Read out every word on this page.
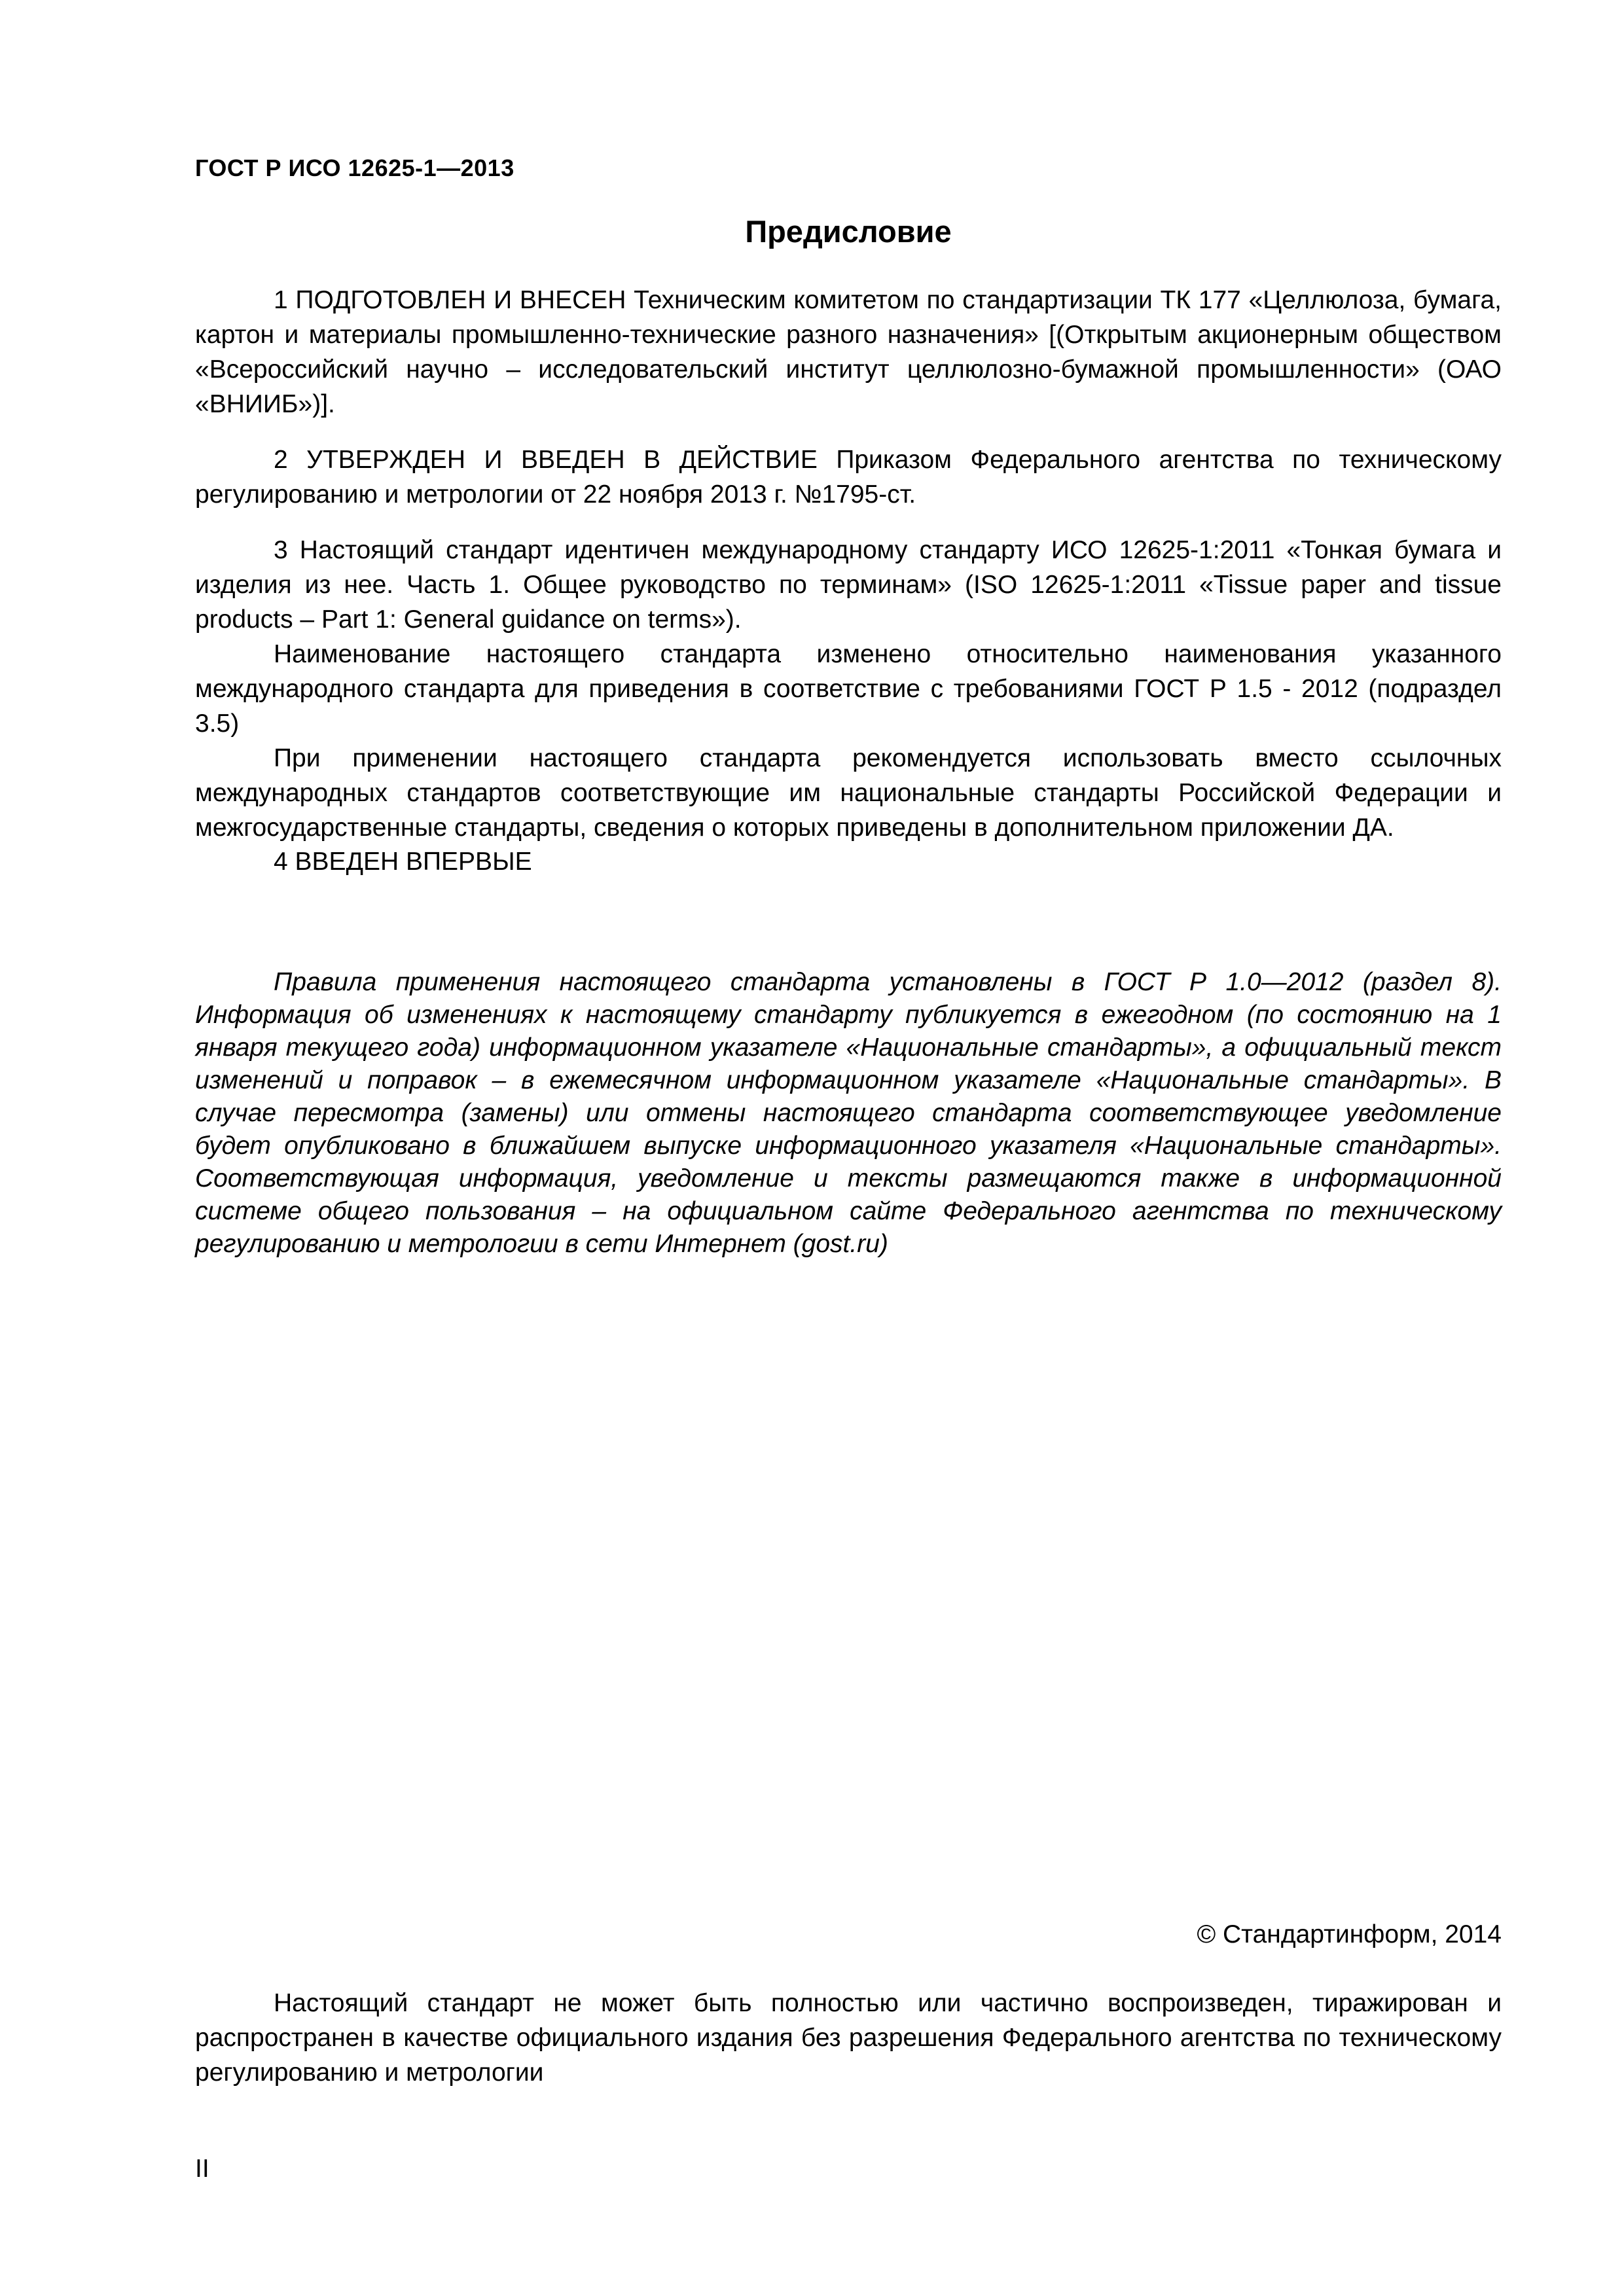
ГОСТ Р ИСО 12625-1—2013
Предисловие

1 ПОДГОТОВЛЕН И ВНЕСЕН Техническим комитетом по стандартизации ТК 177 «Целлюлоза, бумага, картон и материалы промышленно-технические разного назначения» [(Открытым акционерным обществом «Всероссийский научно – исследовательский институт целлюлозно-бумажной промышленности» (ОАО «ВНИИБ»)].

2 УТВЕРЖДЕН И ВВЕДЕН В ДЕЙСТВИЕ Приказом Федерального агентства по техническому регулированию и метрологии от 22 ноября 2013 г. №1795-ст.

3 Настоящий стандарт идентичен международному стандарту ИСО 12625-1:2011 «Тонкая бумага и изделия из нее. Часть 1. Общее руководство по терминам» (ISO 12625-1:2011 «Tissue paper and tissue products – Part 1: General guidance on terms»).

Наименование настоящего стандарта изменено относительно наименования указанного международного стандарта для приведения в соответствие с требованиями ГОСТ Р 1.5 - 2012 (подраздел 3.5)

При применении настоящего стандарта рекомендуется использовать вместо ссылочных международных стандартов соответствующие им национальные стандарты Российской Федерации и межгосударственные стандарты, сведения о которых приведены в дополнительном приложении ДА.

4 ВВЕДЕН ВПЕРВЫЕ

Правила применения настоящего стандарта установлены в ГОСТ Р 1.0—2012 (раздел 8). Информация об изменениях к настоящему стандарту публикуется в ежегодном (по состоянию на 1 января текущего года) информационном указателе «Национальные стандарты», а официальный текст изменений и поправок – в ежемесячном информационном указателе «Национальные стандарты». В случае пересмотра (замены) или отмены настоящего стандарта соответствующее уведомление будет опубликовано в ближайшем выпуске информационного указателя «Национальные стандарты». Соответствующая информация, уведомление и тексты размещаются также в информационной системе общего пользования – на официальном сайте Федерального агентства по техническому регулированию и метрологии в сети Интернет (gost.ru)
© Стандартинформ, 2014

Настоящий стандарт не может быть полностью или частично воспроизведен, тиражирован и распространен в качестве официального издания без разрешения Федерального агентства по техническому регулированию и метрологии

II
